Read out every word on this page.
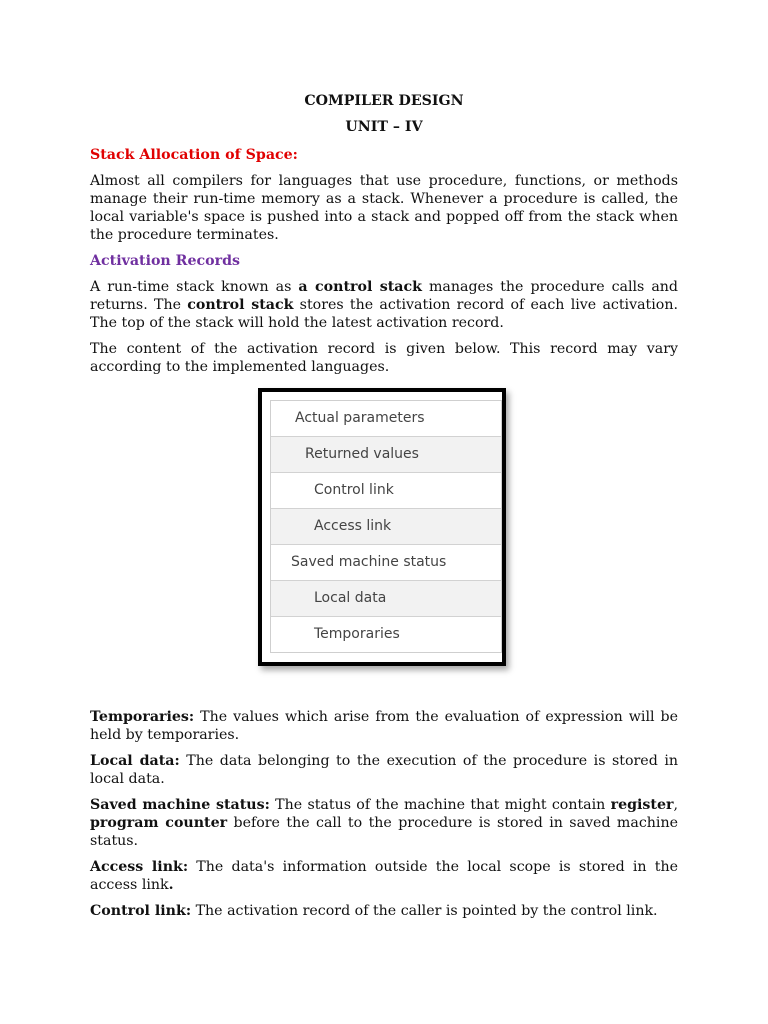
COMPILER DESIGN
UNIT – IV
Stack Allocation of Space:

Almost all compilers for languages that use procedure, functions, or methods manage their run-time memory as a stack. Whenever a procedure is called, the local variable's space is pushed into a stack and popped off from the stack when the procedure terminates.

Activation Records

A run-time stack known as a control stack manages the procedure calls and returns. The control stack stores the activation record of each live activation. The top of the stack will hold the latest activation record.

The content of the activation record is given below. This record may vary according to the implemented languages.

Actual parameters
Returned values
Control link
Access link
Saved machine status
Local data
Temporaries

Temporaries: The values which arise from the evaluation of expression will be held by temporaries.

Local data: The data belonging to the execution of the procedure is stored in local data.

Saved machine status: The status of the machine that might contain register, program counter before the call to the procedure is stored in saved machine status.

Access link: The data's information outside the local scope is stored in the access link.

Control link: The activation record of the caller is pointed by the control link.
